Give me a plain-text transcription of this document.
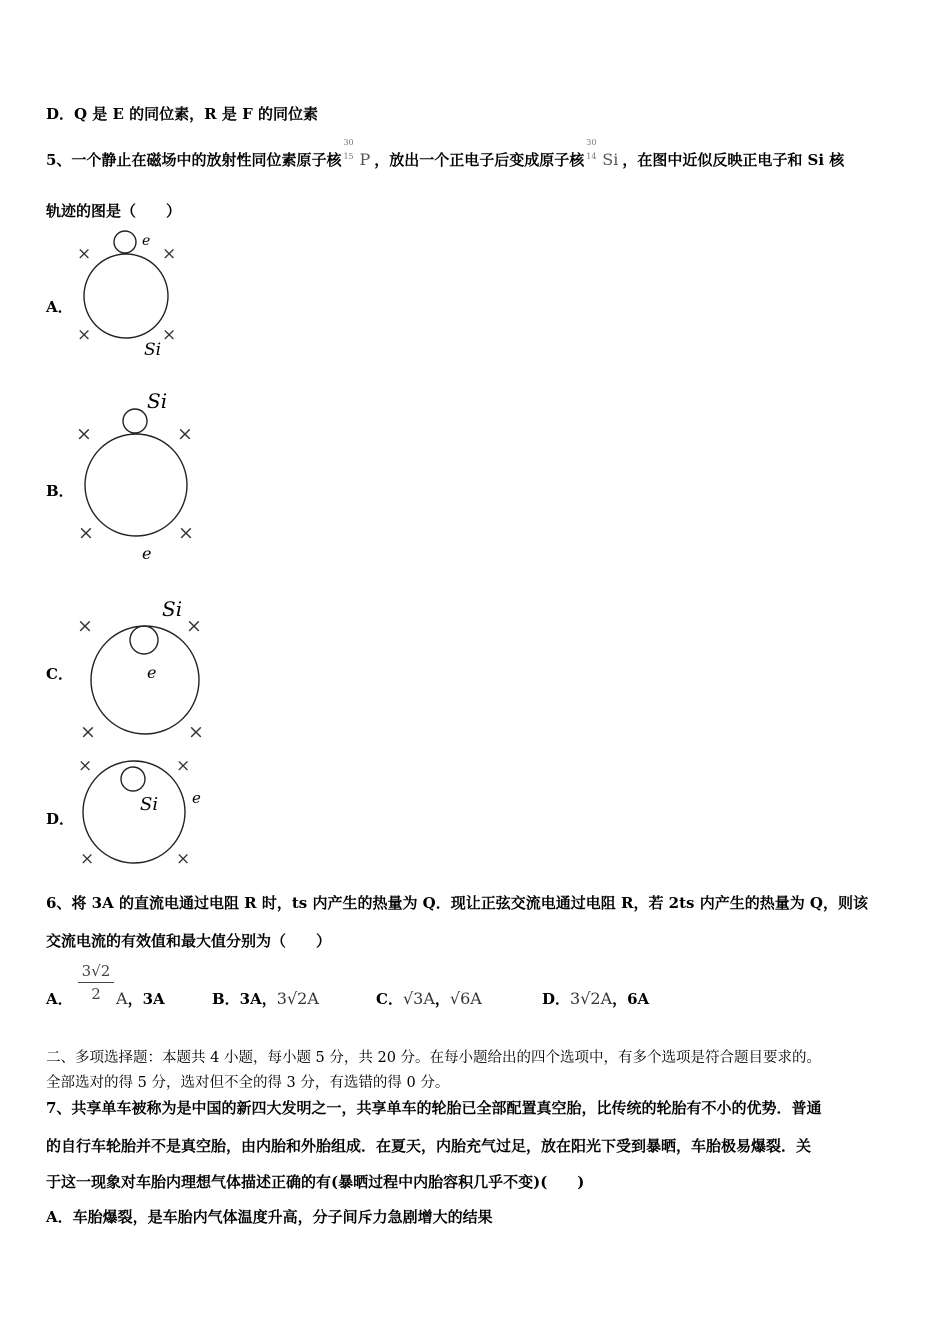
D．Q 是 E 的同位素，R 是 F 的同位素
5、一个静止在磁场中的放射性同位素原子核
30
15 P ，放出一个正电子后变成原子核
30
14 Si ，在图中近似反映正电子和 Si 核
轨迹的图是（　　）
A．
×	×
×	×
e
Si
B．
×	×
×	×
Si
e
C．
×	×
×	×
Si
e
D．
×	×
×	×
Si e
6、将 3A 的直流电通过电阻 R 时，ts 内产生的热量为 Q．现让正弦交流电通过电阻 R，若 2ts 内产生的热量为 Q，则该
交流电流的有效值和最大值分别为（　　）
A． $\frac{3√2}{2}$ A，3A	B．3A，3√2A	C．√3A，√6A	D．3√2A，6A
二、多项选择题：本题共 4 小题，每小题 5 分，共 20 分。在每小题给出的四个选项中，有多个选项是符合题目要求的。
全部选对的得 5 分，选对但不全的得 3 分，有选错的得 0 分。
7、共享单车被称为是中国的新四大发明之一，共享单车的轮胎已全部配置真空胎，比传统的轮胎有不小的优势．普通
的自行车轮胎并不是真空胎，由内胎和外胎组成．在夏天，内胎充气过足，放在阳光下受到暴晒，车胎极易爆裂．关
于这一现象对车胎内理想气体描述正确的有(暴晒过程中内胎容积几乎不变)(　　)
A．车胎爆裂，是车胎内气体温度升高，分子间斥力急剧增大的结果
